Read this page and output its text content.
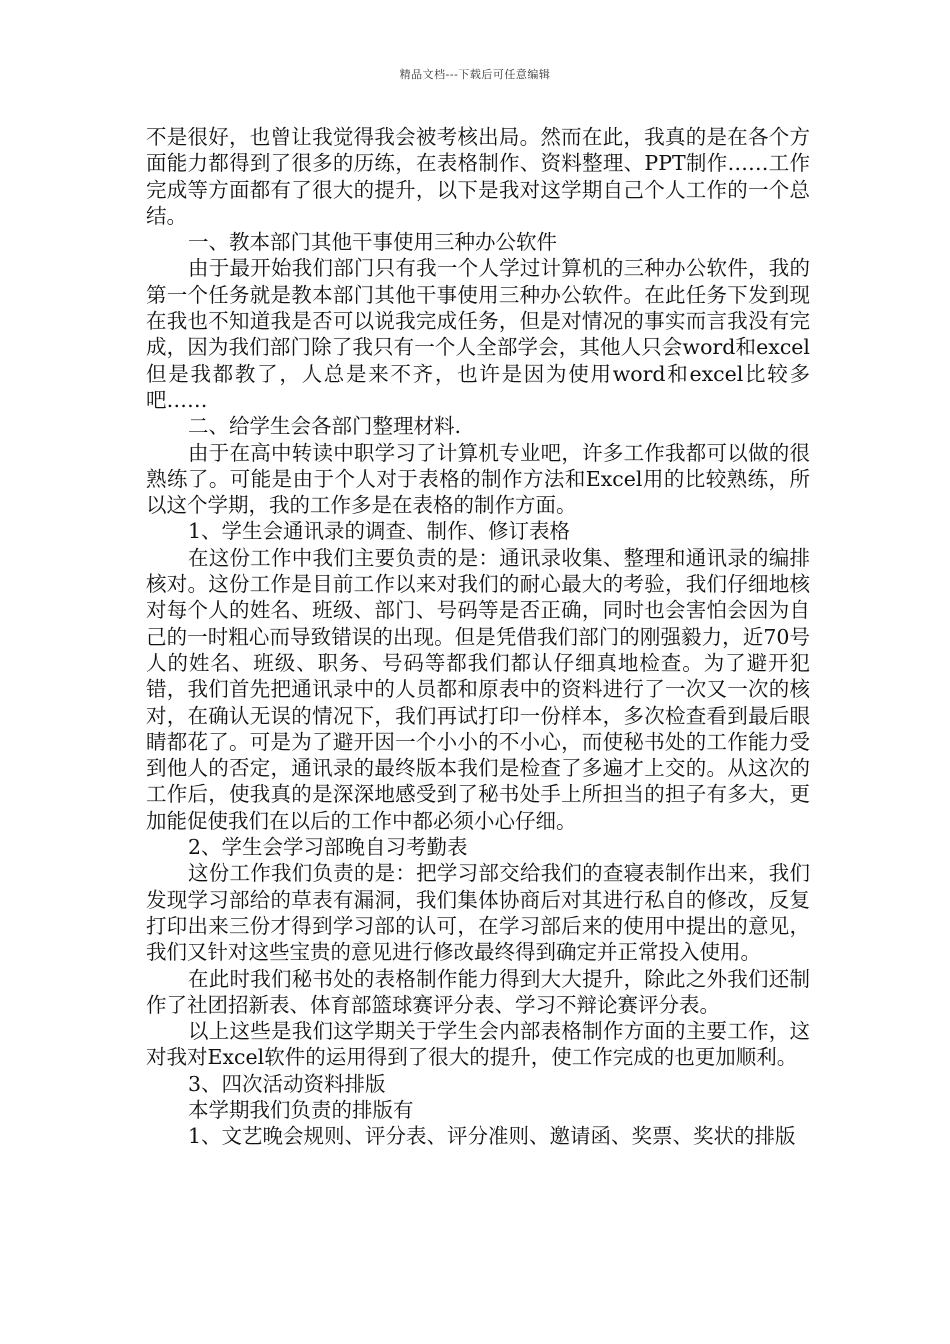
精品文档---下载后可任意编辑

不是很好，也曾让我觉得我会被考核出局。然而在此，我真的是在各个方面能力都得到了很多的历练，在表格制作、资料整理、PPT制作……工作完成等方面都有了很大的提升，以下是我对这学期自己个人工作的一个总结。

一、教本部门其他干事使用三种办公软件

由于最开始我们部门只有我一个人学过计算机的三种办公软件，我的第一个任务就是教本部门其他干事使用三种办公软件。在此任务下发到现在我也不知道我是否可以说我完成任务，但是对情况的事实而言我没有完成，因为我们部门除了我只有一个人全部学会，其他人只会word和excel 但是我都教了，人总是来不齐，也许是因为使用word和excel比较多吧……

二、给学生会各部门整理材料.

由于在高中转读中职学习了计算机专业吧，许多工作我都可以做的很熟练了。可能是由于个人对于表格的制作方法和Excel用的比较熟练，所以这个学期，我的工作多是在表格的制作方面。

1、学生会通讯录的调查、制作、修订表格

在这份工作中我们主要负责的是：通讯录收集、整理和通讯录的编排核对。这份工作是目前工作以来对我们的耐心最大的考验，我们仔细地核对每个人的姓名、班级、部门、号码等是否正确，同时也会害怕会因为自己的一时粗心而导致错误的出现。但是凭借我们部门的刚强毅力，近70号人的姓名、班级、职务、号码等都我们都认仔细真地检查。为了避开犯错，我们首先把通讯录中的人员都和原表中的资料进行了一次又一次的核对，在确认无误的情况下，我们再试打印一份样本，多次检查看到最后眼睛都花了。可是为了避开因一个小小的不小心，而使秘书处的工作能力受到他人的否定，通讯录的最终版本我们是检查了多遍才上交的。从这次的工作后，使我真的是深深地感受到了秘书处手上所担当的担子有多大，更加能促使我们在以后的工作中都必须小心仔细。

2、学生会学习部晚自习考勤表

这份工作我们负责的是：把学习部交给我们的查寝表制作出来，我们发现学习部给的草表有漏洞，我们集体协商后对其进行私自的修改，反复打印出来三份才得到学习部的认可，在学习部后来的使用中提出的意见，我们又针对这些宝贵的意见进行修改最终得到确定并正常投入使用。

在此时我们秘书处的表格制作能力得到大大提升，除此之外我们还制作了社团招新表、体育部篮球赛评分表、学习不辩论赛评分表。

以上这些是我们这学期关于学生会内部表格制作方面的主要工作，这对我对Excel软件的运用得到了很大的提升，使工作完成的也更加顺利。

3、四次活动资料排版

本学期我们负责的排版有

1、文艺晚会规则、评分表、评分准则、邀请函、奖票、奖状的排版
